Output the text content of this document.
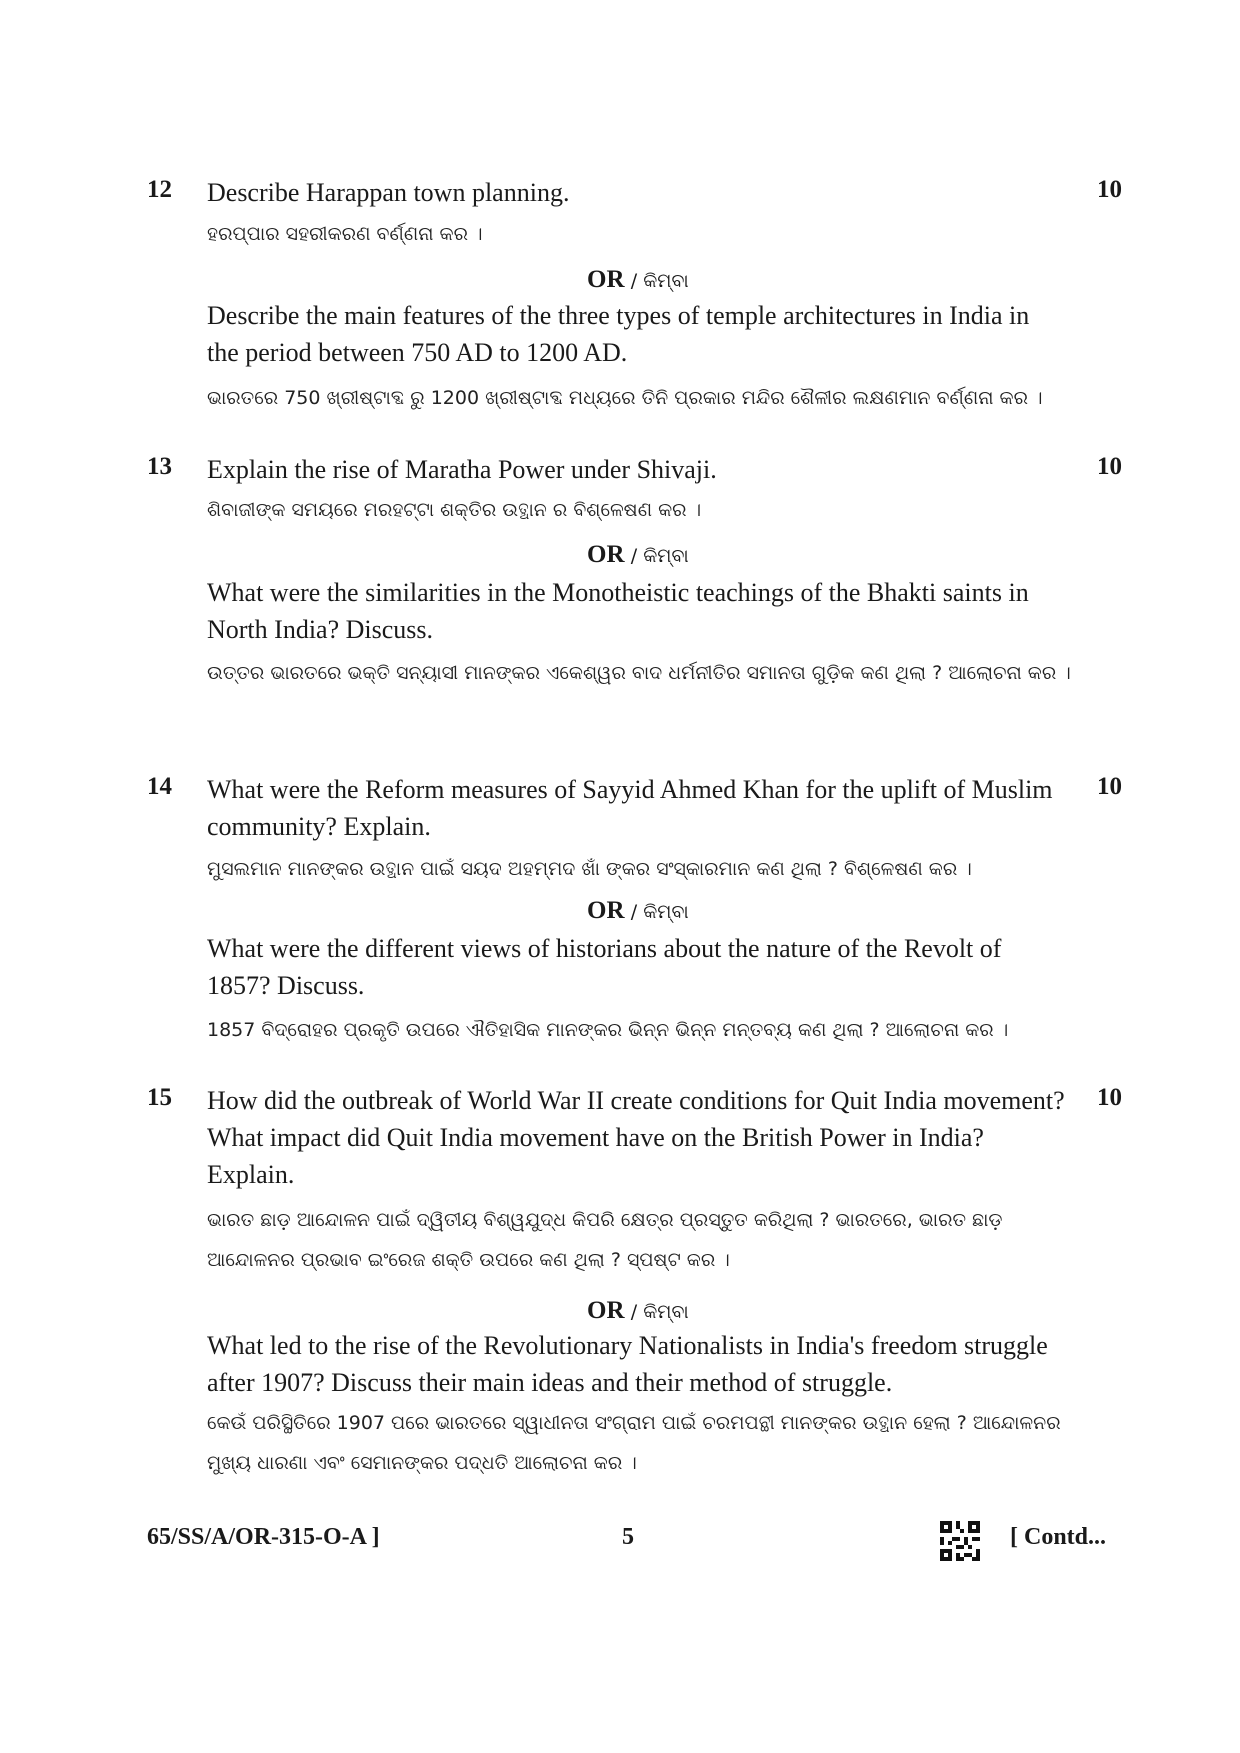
12	10

Describe Harappan town planning.

ହରପ୍ପାର ସହରୀକରଣ ବର୍ଣ୍ଣନା କର ।

OR / କିମ୍ବା

Describe the main features of the three types of temple architectures in India in the period between 750 AD to 1200 AD.

ଭାରତରେ 750 ଖ୍ରୀଷ୍ଟାବ୍ଦ ରୁ 1200 ଖ୍ରୀଷ୍ଟାବ୍ଦ ମଧ୍ୟରେ ତିନି ପ୍ରକାର ମନ୍ଦିର ଶୈଳୀର ଲକ୍ଷଣମାନ ବର୍ଣ୍ଣନା କର ।

13	10

Explain the rise of Maratha Power under Shivaji.

ଶିବାଜୀଙ୍କ ସମୟରେ ମରହଟ୍ଟା ଶକ୍ତିର ଉତ୍ଥାନ ର ବିଶ୍ଳେଷଣ କର ।

OR / କିମ୍ବା

What were the similarities in the Monotheistic teachings of the Bhakti saints in North India? Discuss.

ଉତ୍ତର ଭାରତରେ ଭକ୍ତି ସନ୍ୟାସୀ ମାନଙ୍କର ଏକେଶ୍ୱର ବାଦ ଧର୍ମନୀତିର ସମାନତା ଗୁଡ଼ିକ କଣ ଥିଲା ? ଆଲୋଚନା କର ।

14	10

What were the Reform measures of Sayyid Ahmed Khan for the uplift of Muslim community? Explain.

ମୁସଲମାନ ମାନଙ୍କର ଉତ୍ଥାନ ପାଇଁ ସୟଦ ଅହମ୍ମଦ ଖାଁ ଙ୍କର ସଂସ୍କାରମାନ କଣ ଥିଲା ? ବିଶ୍ଳେଷଣ କର ।

OR / କିମ୍ବା

What were the different views of historians about the nature of the Revolt of 1857? Discuss.

1857 ବିଦ୍ରୋହର ପ୍ରକୃତି ଉପରେ ଐତିହାସିକ ମାନଙ୍କର ଭିନ୍ନ ଭିନ୍ନ ମନ୍ତବ୍ୟ କଣ ଥିଲା ? ଆଲୋଚନା କର ।

15	10

How did the outbreak of World War II create conditions for Quit India movement? What impact did Quit India movement have on the British Power in India? Explain.

ଭାରତ ଛାଡ଼ ଆନ୍ଦୋଳନ ପାଇଁ ଦ୍ୱିତୀୟ ବିଶ୍ୱଯୁଦ୍ଧ କିପରି କ୍ଷେତ୍ର ପ୍ରସ୍ତୁତ କରିଥିଲା ? ଭାରତରେ, ଭାରତ ଛାଡ଼ ଆନ୍ଦୋଳନର ପ୍ରଭାବ ଇଂରେଜ ଶକ୍ତି ଉପରେ କଣ ଥିଲା ? ସ୍ପଷ୍ଟ କର ।

OR / କିମ୍ବା

What led to the rise of the Revolutionary Nationalists in India's freedom struggle after 1907? Discuss their main ideas and their method of struggle.

କେଉଁ ପରିସ୍ଥିତିରେ 1907 ପରେ ଭାରତରେ ସ୍ୱାଧୀନତା ସଂଗ୍ରାମ ପାଇଁ ଚରମପନ୍ଥୀ ମାନଙ୍କର ଉତ୍ଥାନ ହେଲା ? ଆନ୍ଦୋଳନର ମୁଖ୍ୟ ଧାରଣା ଏବଂ ସେମାନଙ୍କର ପଦ୍ଧତି ଆଲୋଚନା କର ।

65/SS/A/OR-315-O-A ]	5	[ Contd...
